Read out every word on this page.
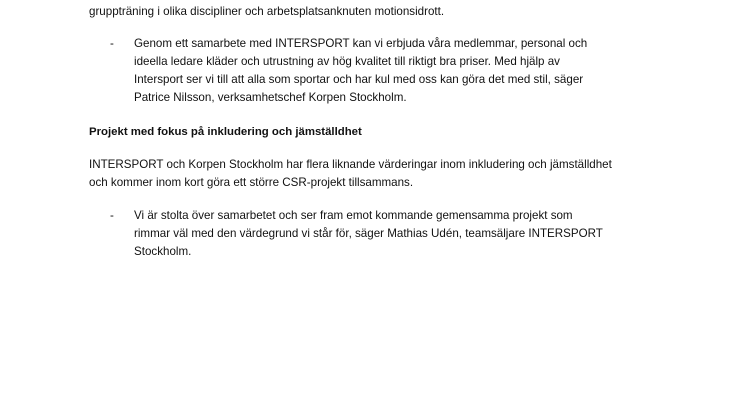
gruppträning i olika discipliner och arbetsplatsanknuten motionsidrott.

- Genom ett samarbete med INTERSPORT kan vi erbjuda våra medlemmar, personal och

ideella ledare kläder och utrustning av hög kvalitet till riktigt bra priser. Med hjälp av

Intersport ser vi till att alla som sportar och har kul med oss kan göra det med stil, säger

Patrice Nilsson, verksamhetschef Korpen Stockholm.

Projekt med fokus på inkludering och jämställdhet

INTERSPORT och Korpen Stockholm har flera liknande värderingar inom inkludering och jämställdhet

och kommer inom kort göra ett större CSR-projekt tillsammans.

- Vi är stolta över samarbetet och ser fram emot kommande gemensamma projekt som

rimmar väl med den värdegrund vi står för, säger Mathias Udén, teamsäljare INTERSPORT

Stockholm.
